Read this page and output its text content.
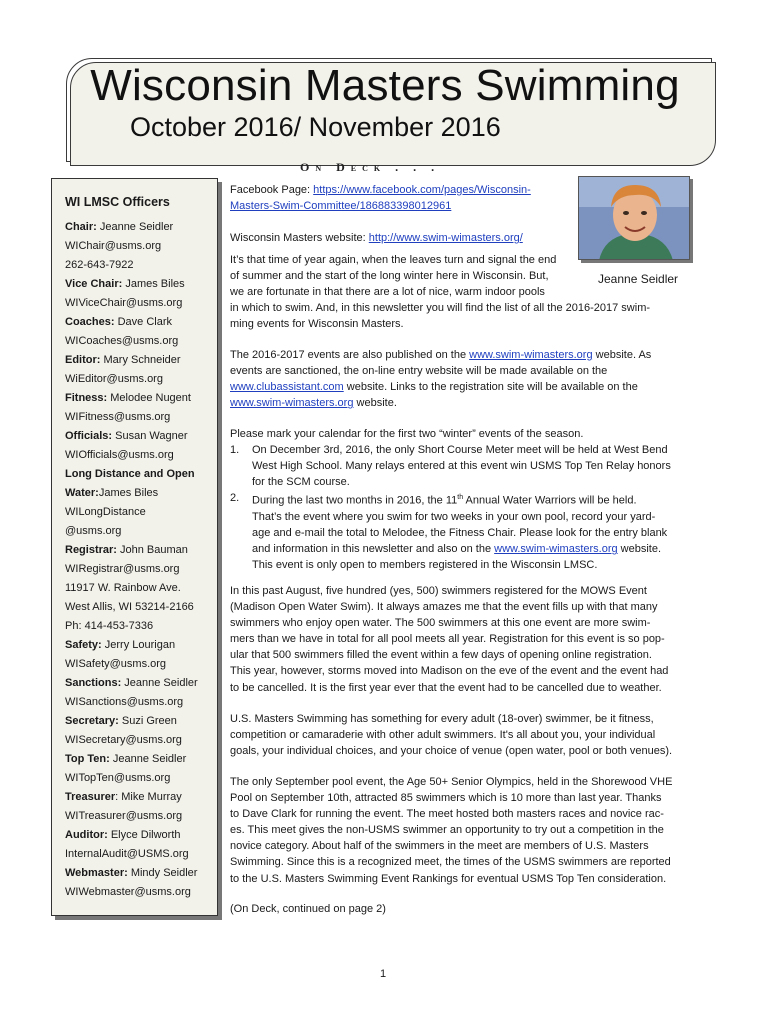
Wisconsin Masters Swimming
October 2016/ November 2016
On Deck . . .
WI LMSC Officers
Chair: Jeanne Seidler
WIChair@usms.org
262-643-7922
Vice Chair: James Biles
WIViceChair@usms.org
Coaches: Dave Clark
WICoaches@usms.org
Editor: Mary Schneider
WiEditor@usms.org
Fitness: Melodee Nugent
WIFitness@usms.org
Officials: Susan Wagner
WIOfficials@usms.org
Long Distance and Open
Water:James Biles
WILongDistance
@usms.org
Registrar: John Bauman
WIRegistrar@usms.org
11917 W. Rainbow Ave.
West Allis, WI 53214-2166
Ph: 414-453-7336
Safety: Jerry Lourigan
WISafety@usms.org
Sanctions: Jeanne Seidler
WISanctions@usms.org
Secretary: Suzi Green
WISecretary@usms.org
Top Ten: Jeanne Seidler
WITopTen@usms.org
Treasurer: Mike Murray
WITreasurer@usms.org
Auditor: Elyce Dilworth
InternalAudit@USMS.org
Webmaster: Mindy Seidler
WIWebmaster@usms.org
Jeanne Seidler
Facebook Page: https://www.facebook.com/pages/Wisconsin-
Masters-Swim-Committee/186883398012961
Wisconsin Masters website: http://www.swim-wimasters.org/
It’s that time of year again, when the leaves turn and signal the end
of summer and the start of the long winter here in Wisconsin. But,
we are fortunate in that there are a lot of nice, warm indoor pools
in which to swim. And, in this newsletter you will find the list of all the 2016-2017 swim-
ming events for Wisconsin Masters.
The 2016-2017 events are also published on the www.swim-wimasters.org website. As
events are sanctioned, the on-line entry website will be made available on the
www.clubassistant.com website. Links to the registration site will be available on the
www.swim-wimasters.org website.
Please mark your calendar for the first two “winter” events of the season.
1. On December 3rd, 2016, the only Short Course Meter meet will be held at West Bend
West High School. Many relays entered at this event win USMS Top Ten Relay honors
for the SCM course.
2. During the last two months in 2016, the 11th Annual Water Warriors will be held.
That’s the event where you swim for two weeks in your own pool, record your yard-
age and e-mail the total to Melodee, the Fitness Chair. Please look for the entry blank
and information in this newsletter and also on the www.swim-wimasters.org website.
This event is only open to members registered in the Wisconsin LMSC.
In this past August, five hundred (yes, 500) swimmers registered for the MOWS Event
(Madison Open Water Swim). It always amazes me that the event fills up with that many
swimmers who enjoy open water. The 500 swimmers at this one event are more swim-
mers than we have in total for all pool meets all year. Registration for this event is so pop-
ular that 500 swimmers filled the event within a few days of opening online registration.
This year, however, storms moved into Madison on the eve of the event and the event had
to be cancelled. It is the first year ever that the event had to be cancelled due to weather.
U.S. Masters Swimming has something for every adult (18-over) swimmer, be it fitness,
competition or camaraderie with other adult swimmers. It's all about you, your individual
goals, your individual choices, and your choice of venue (open water, pool or both venues).
The only September pool event, the Age 50+ Senior Olympics, held in the Shorewood VHE
Pool on September 10th, attracted 85 swimmers which is 10 more than last year. Thanks
to Dave Clark for running the event. The meet hosted both masters races and novice rac-
es. This meet gives the non-USMS swimmer an opportunity to try out a competition in the
novice category. About half of the swimmers in the meet are members of U.S. Masters
Swimming. Since this is a recognized meet, the times of the USMS swimmers are reported
to the U.S. Masters Swimming Event Rankings for eventual USMS Top Ten consideration.
(On Deck, continued on page 2)
1
